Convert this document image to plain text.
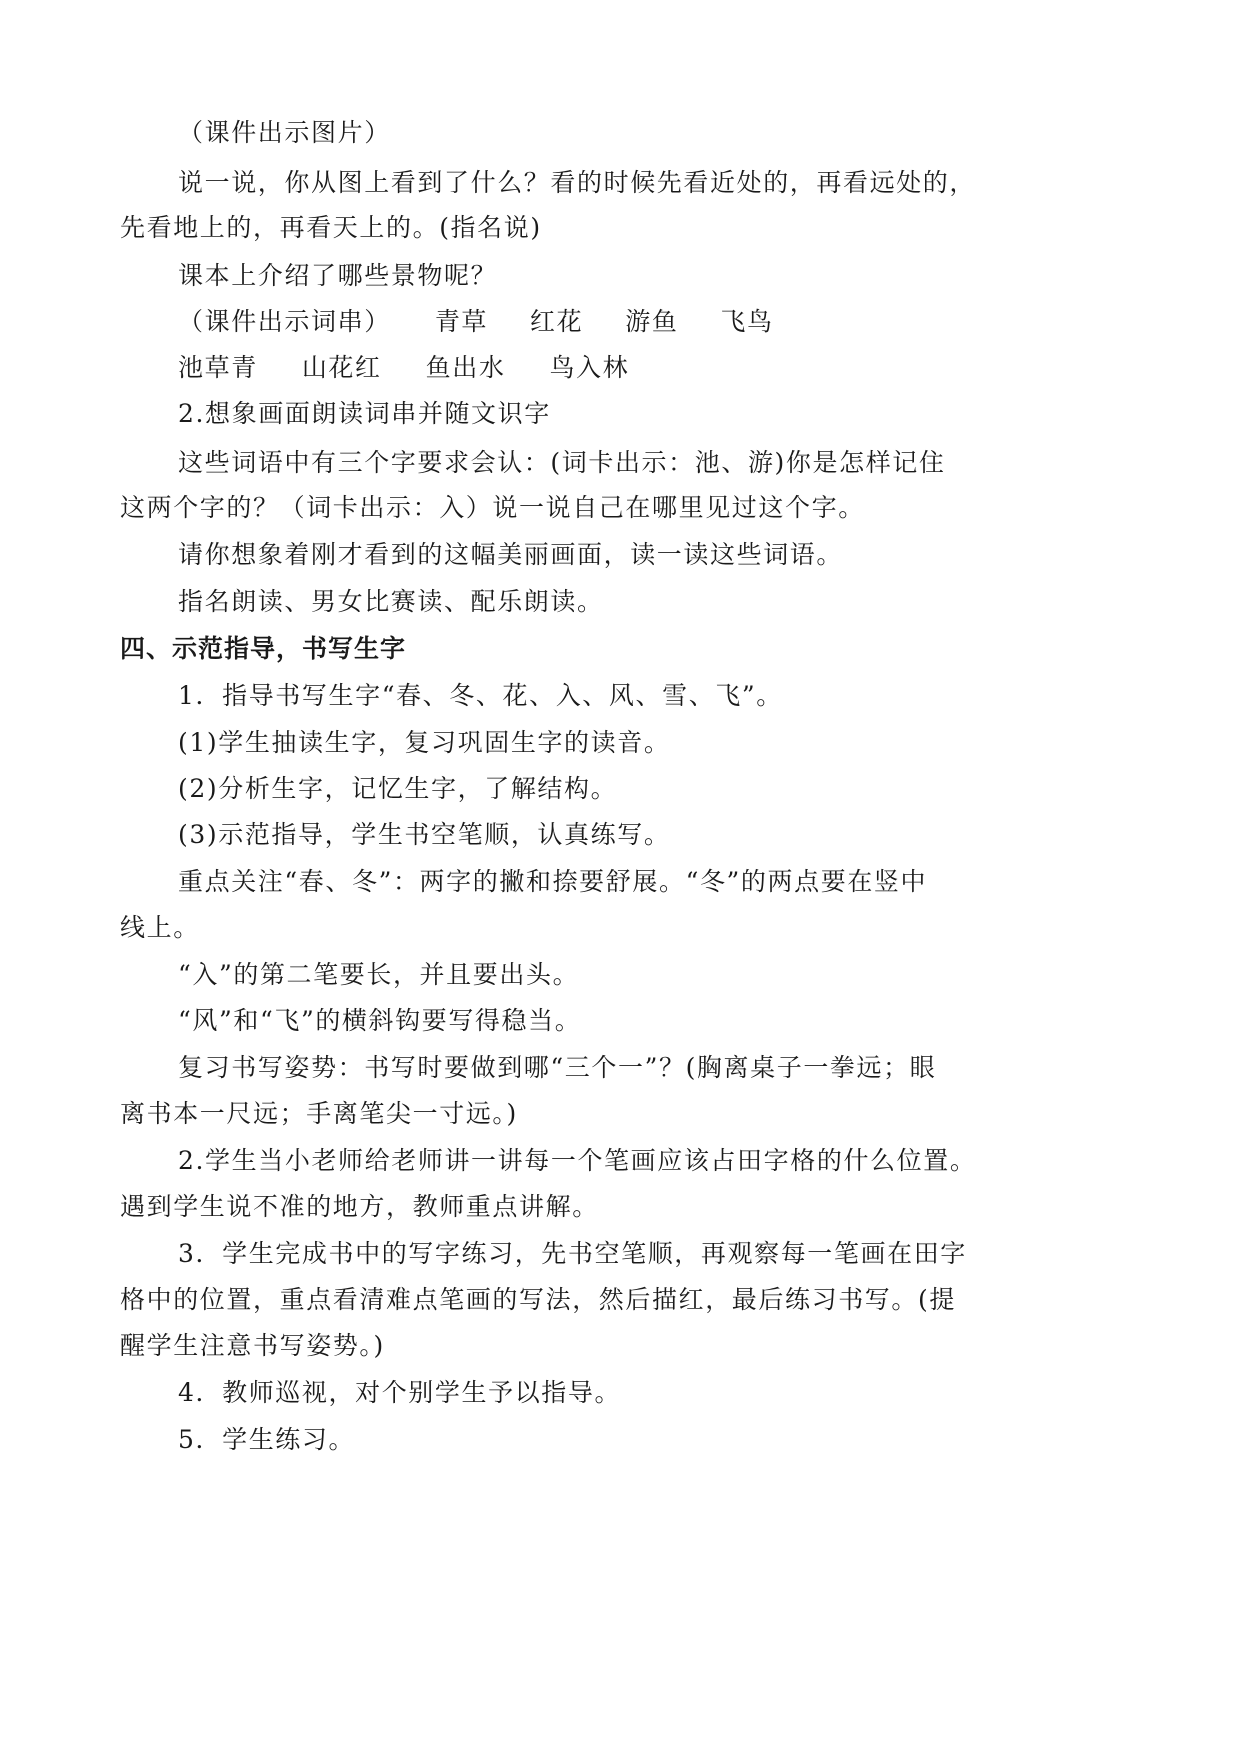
（课件出示图片）
说一说，你从图上看到了什么？看的时候先看近处的，再看远处的，
先看地上的，再看天上的。(指名说)
课本上介绍了哪些景物呢？
（课件出示词串） 青草 红花 游鱼 飞鸟
池草青 山花红 鱼出水 鸟入林
2.想象画面朗读词串并随文识字
这些词语中有三个字要求会认：(词卡出示：池、游)你是怎样记住
这两个字的？（词卡出示：入）说一说自己在哪里见过这个字。
请你想象着刚才看到的这幅美丽画面，读一读这些词语。
指名朗读、男女比赛读、配乐朗读。
四、示范指导，书写生字
1．指导书写生字“春、冬、花、入、风、雪、飞”。
(1)学生抽读生字，复习巩固生字的读音。
(2)分析生字，记忆生字，了解结构。
(3)示范指导，学生书空笔顺，认真练写。
重点关注“春、冬”：两字的撇和捺要舒展。“冬”的两点要在竖中
线上。
“入”的第二笔要长，并且要出头。
“风”和“飞”的横斜钩要写得稳当。
复习书写姿势：书写时要做到哪“三个一”？(胸离桌子一拳远；眼
离书本一尺远；手离笔尖一寸远。)
2.学生当小老师给老师讲一讲每一个笔画应该占田字格的什么位置。
遇到学生说不准的地方，教师重点讲解。
3．学生完成书中的写字练习，先书空笔顺，再观察每一笔画在田字
格中的位置，重点看清难点笔画的写法，然后描红，最后练习书写。(提
醒学生注意书写姿势。)
4．教师巡视，对个别学生予以指导。
5．学生练习。
